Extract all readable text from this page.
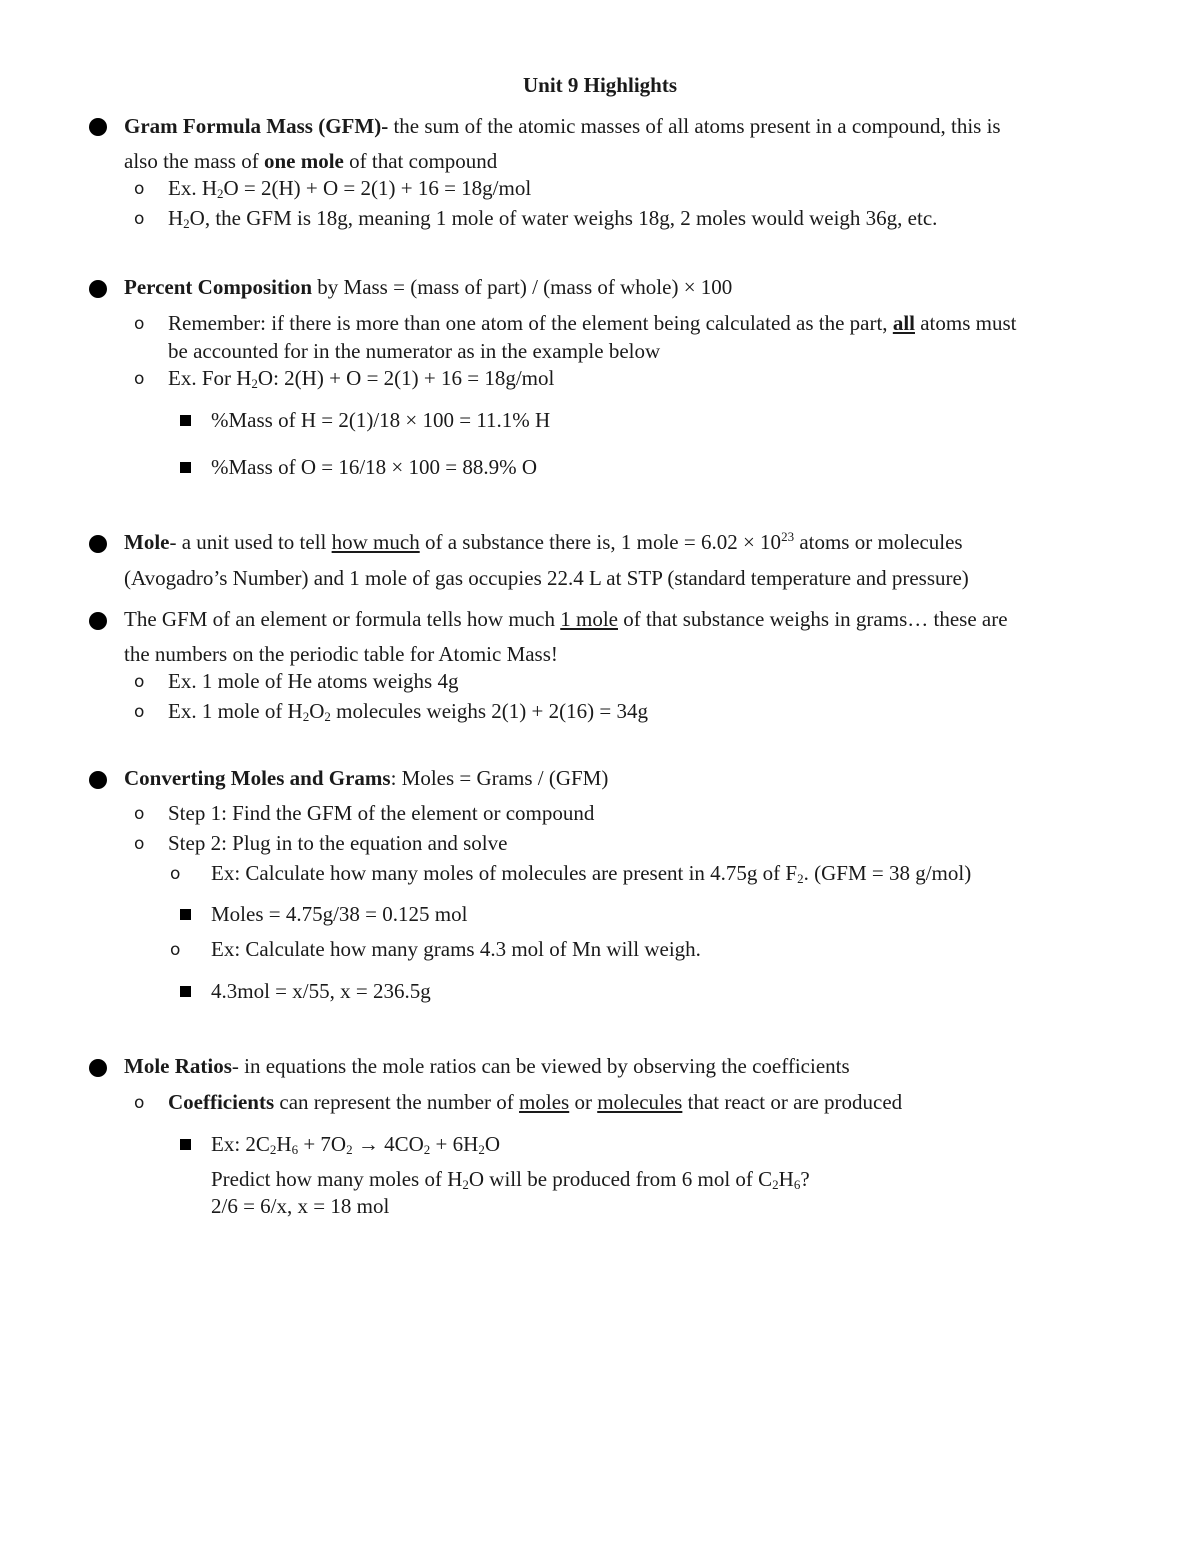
Unit 9 Highlights
Gram Formula Mass (GFM)- the sum of the atomic masses of all atoms present in a compound, this is
also the mass of one mole of that compound
o Ex. $H_2O = 2(H) + O = 2(1) + 16 = 18g/mol$
o $H_2O$, the GFM is 18g, meaning 1 mole of water weighs 18g, 2 moles would weigh 36g, etc.
Percent Composition by Mass = (mass of part) / (mass of whole) × 100
o Remember: if there is more than one atom of the element being calculated as the part, all atoms must
be accounted for in the numerator as in the example below
o Ex. For $H_2O$: 2(H) + O = 2(1) + 16 = 18g/mol
%Mass of H = 2(1)/18 × 100 = 11.1% H
%Mass of O = 16/18 × 100 = 88.9% O
Mole- a unit used to tell how much of a substance there is, 1 mole = $6.02 \times 10^{23}$ atoms or molecules
(Avogadro’s Number) and 1 mole of gas occupies 22.4 L at STP (standard temperature and pressure)
The GFM of an element or formula tells how much 1 mole of that substance weighs in grams… these are
the numbers on the periodic table for Atomic Mass!
o Ex. 1 mole of He atoms weighs 4g
o Ex. 1 mole of $H_2O_2$ molecules weighs 2(1) + 2(16) = 34g
Converting Moles and Grams: Moles = Grams / (GFM)
o Step 1: Find the GFM of the element or compound
o Step 2: Plug in to the equation and solve
o Ex: Calculate how many moles of molecules are present in 4.75g of $F_2$. (GFM = 38 g/mol)
Moles = 4.75g/38 = 0.125 mol
o Ex: Calculate how many grams 4.3 mol of Mn will weigh.
4.3mol = x/55, x = 236.5g
Mole Ratios- in equations the mole ratios can be viewed by observing the coefficients
o Coefficients can represent the number of moles or molecules that react or are produced
Ex: $2C_2H_6 + 7O_2 \to 4CO_2 + 6H_2O$
Predict how many moles of $H_2O$ will be produced from 6 mol of $C_2H_6$?
2/6 = 6/x, x = 18 mol
